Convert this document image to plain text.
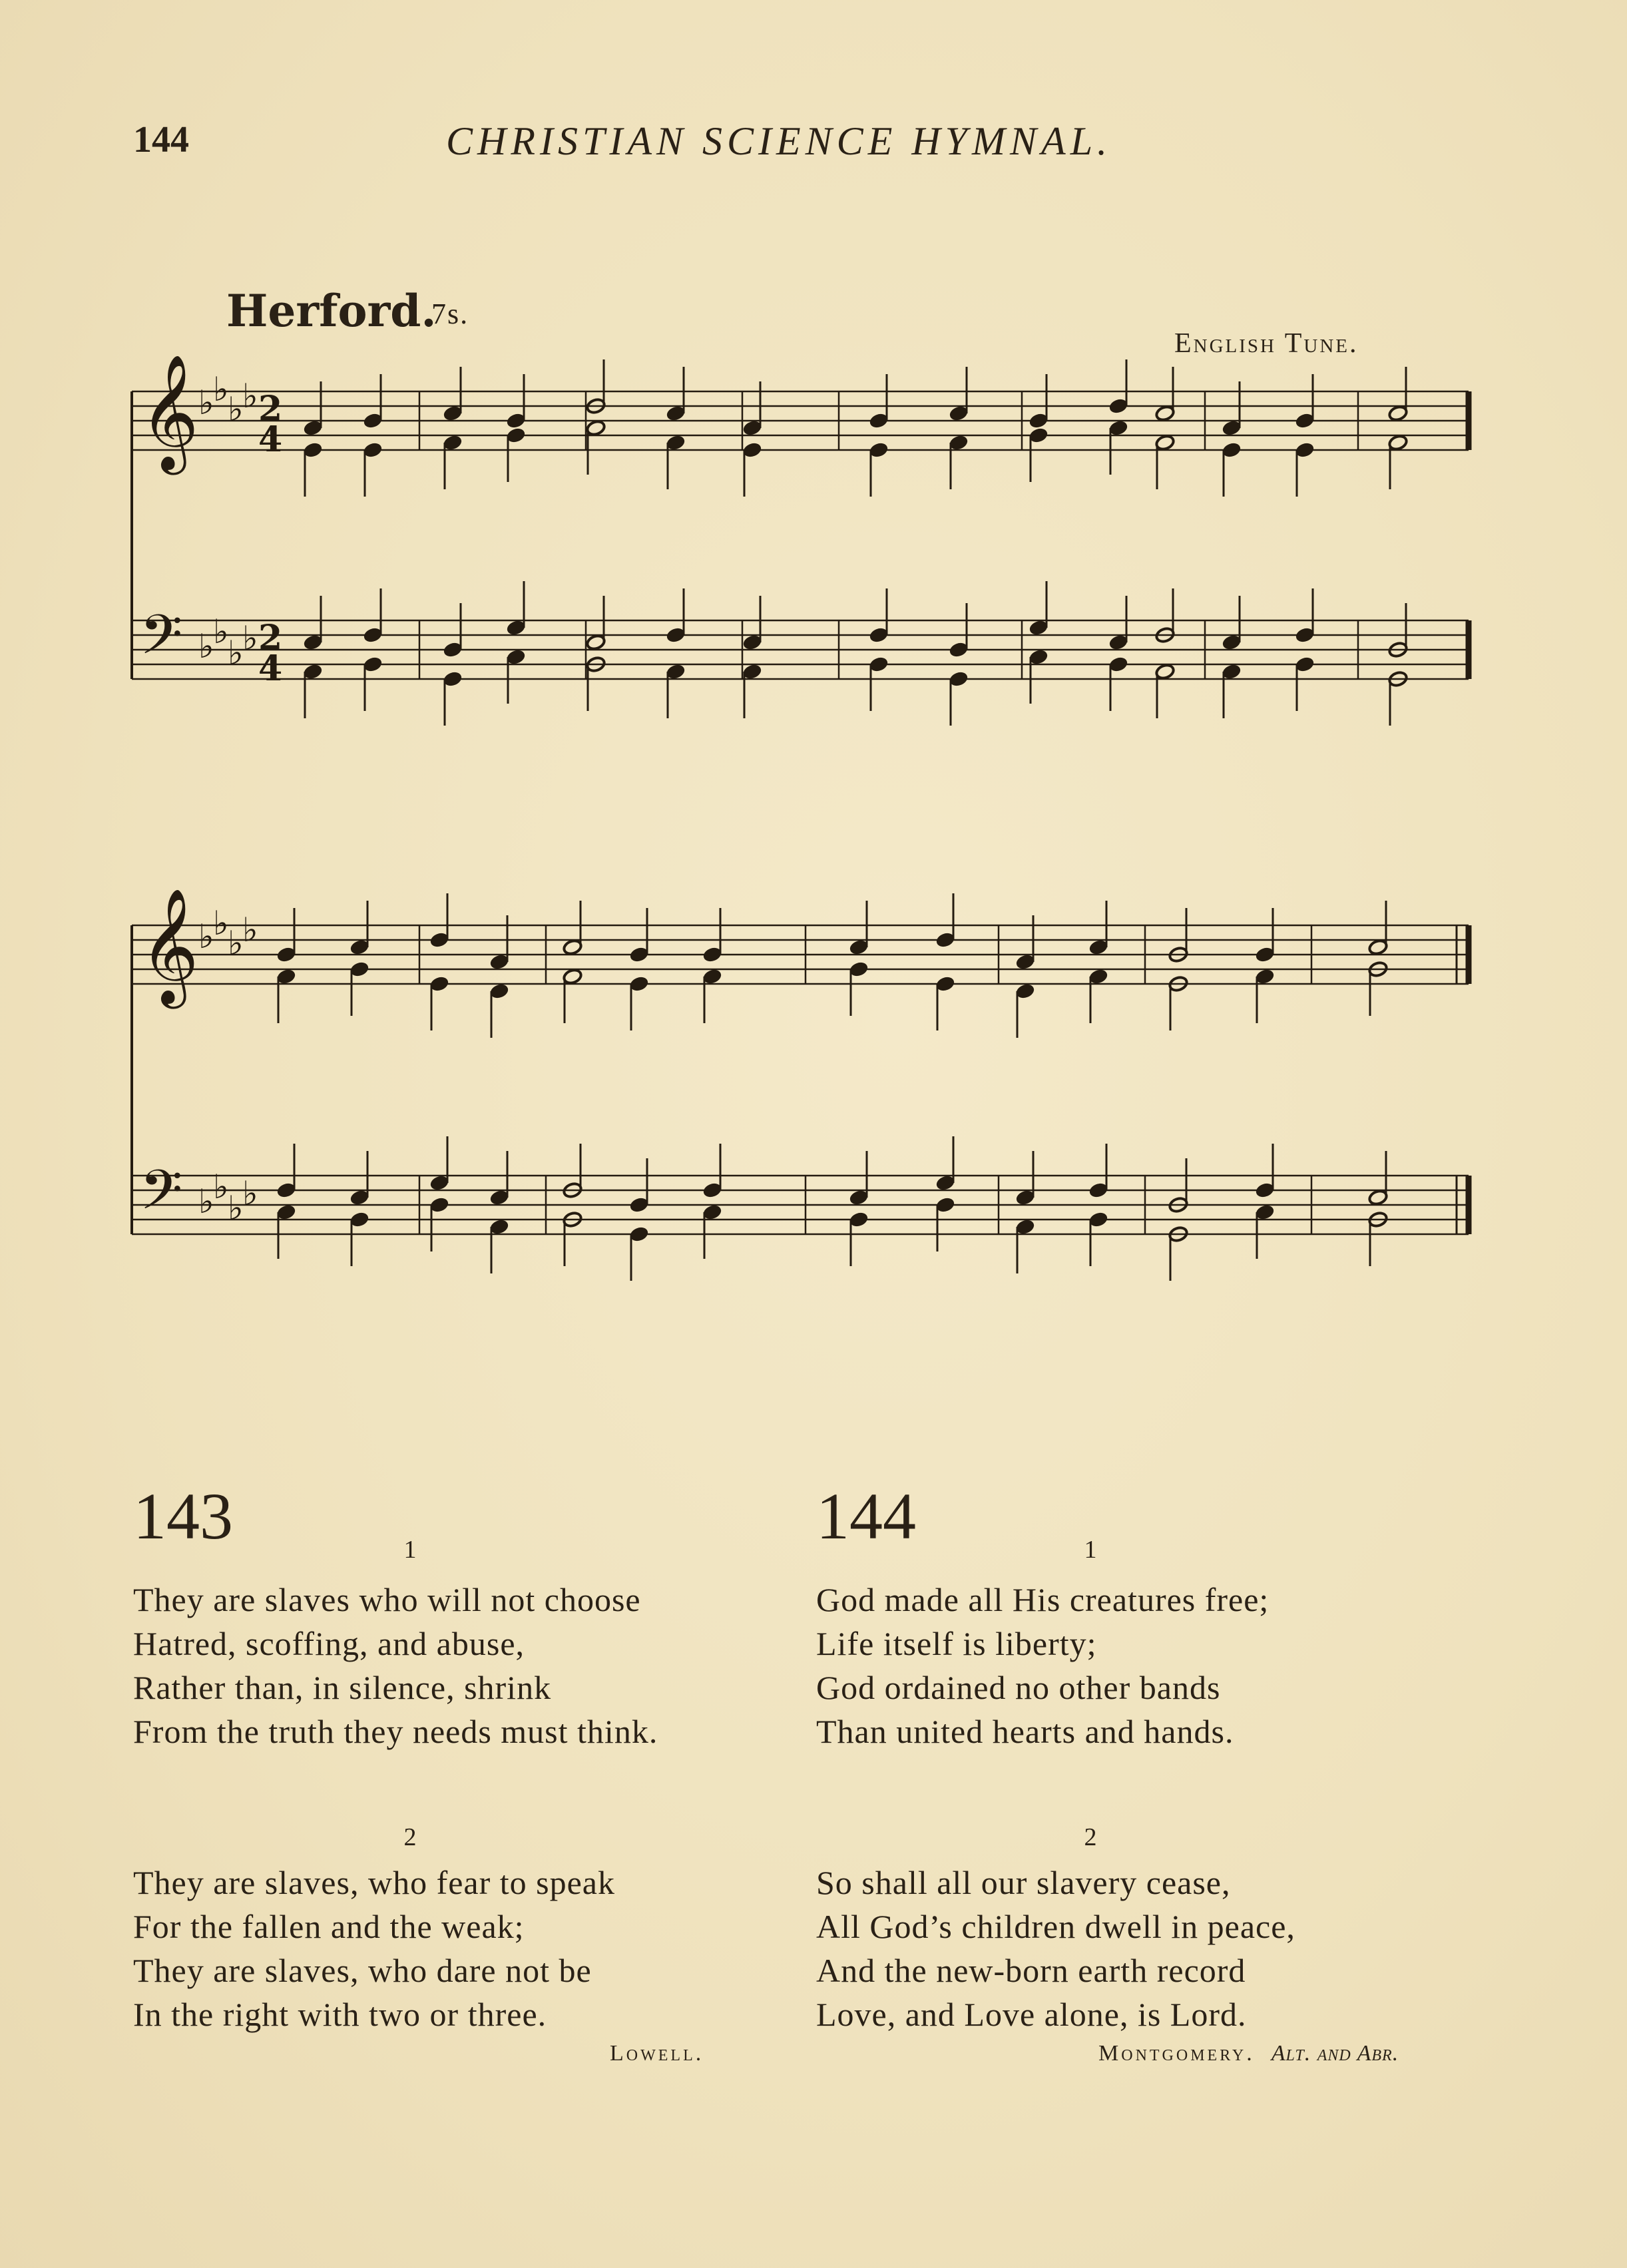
144	CHRISTIAN SCIENCE HYMNAL.
Herford.
7s.
English Tune.
𝄞 ♭
♭
♭
♭ 2
4
𝄢 ♭
♭
♭
♭ 2
4
𝄞 ♭
♭
♭
♭
𝄢 ♭
♭
♭
♭
143	1
They are slaves who will not choose
Hatred, scoffing, and abuse,
Rather than, in silence, shrink
From the truth they needs must think.
2
They are slaves, who fear to speak
For the fallen and the weak;
They are slaves, who dare not be
In the right with two or three.
Lowell.
144	1
God made all His creatures free;
Life itself is liberty;
God ordained no other bands
Than united hearts and hands.
2
So shall all our slavery cease,
All God’s children dwell in peace,
And the new-born earth record
Love, and Love alone, is Lord.
Montgomery. Alt. and Abr.
